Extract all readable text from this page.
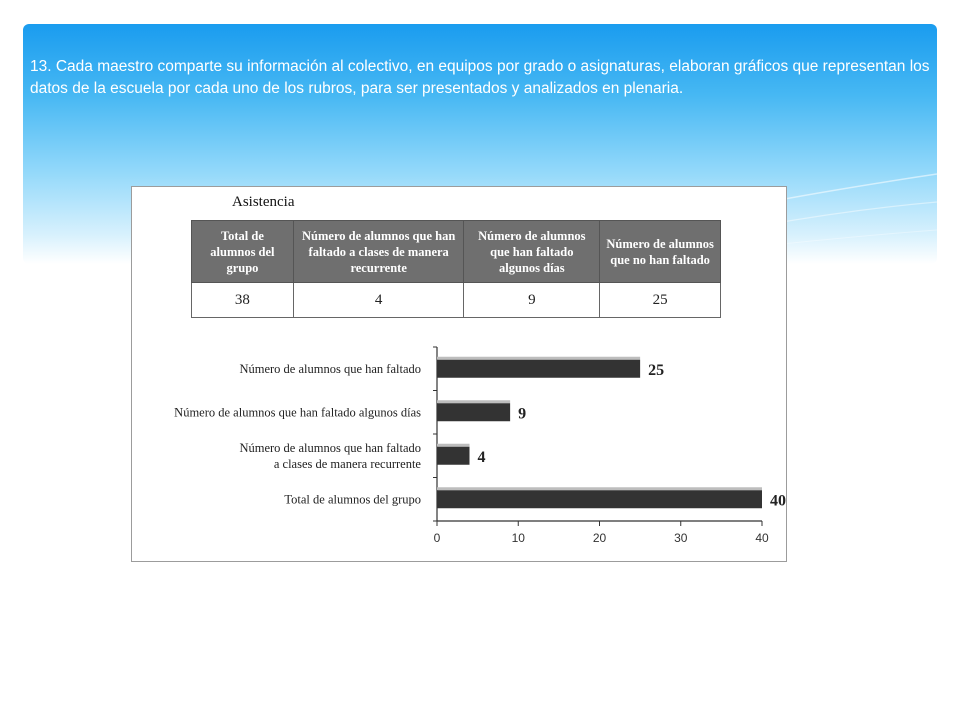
13. Cada maestro comparte su información al colectivo, en equipos por grado o asignaturas, elaboran gráficos que representan los datos de la escuela por cada uno de los rubros, para ser presentados y analizados en plenaria.

Asistencia
Total de alumnos del grupo	Número de alumnos que han faltado a clases de manera recurrente	Número de alumnos que han faltado algunos días	Número de alumnos que no han faltado
38	4	9	25
0	10	20	30	40
25
Número de alumnos que han faltado
9
Número de alumnos que han faltado algunos días
4
Número de alumnos que han faltado
a clases de manera recurrente
40
Total de alumnos del grupo
